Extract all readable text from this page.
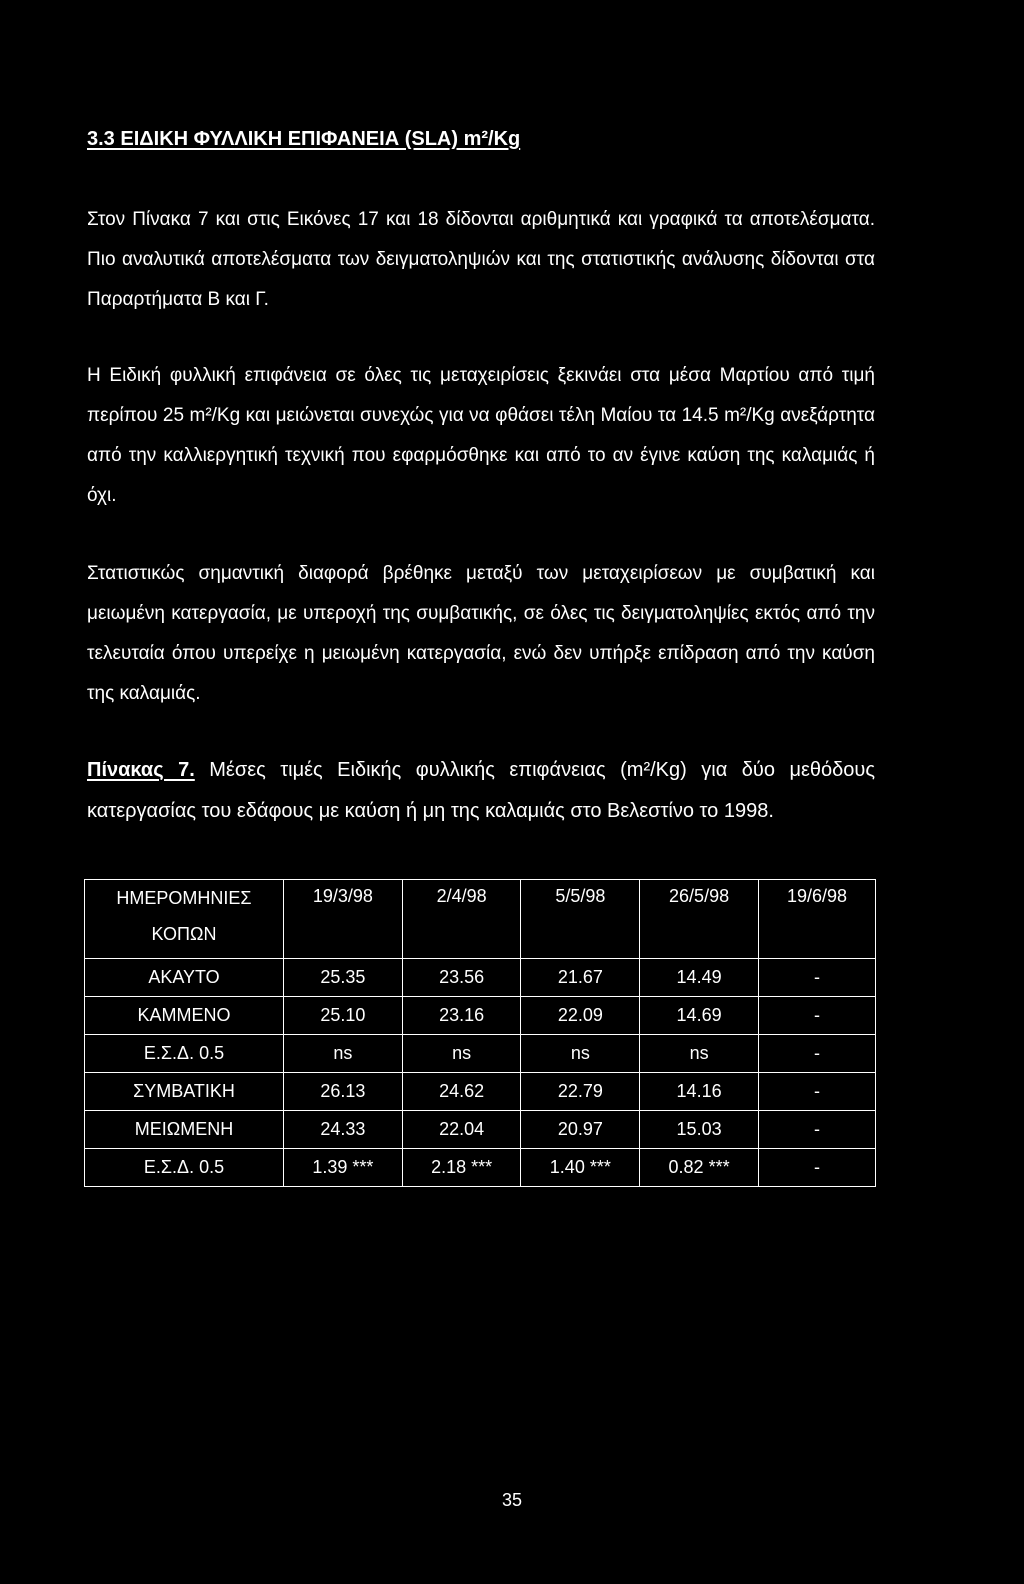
3.3 ΕΙΔΙΚΗ ΦΥΛΛΙΚΗ ΕΠΙΦΑΝΕΙΑ (SLA) m²/Kg

Στον Πίνακα 7 και στις Εικόνες 17 και 18 δίδονται αριθμητικά και γραφικά τα αποτελέσματα. Πιο αναλυτικά αποτελέσματα των δειγματοληψιών και της στατιστικής ανάλυσης δίδονται στα Παραρτήματα Β και Γ.

Η Ειδική φυλλική επιφάνεια σε όλες τις μεταχειρίσεις ξεκινάει στα μέσα Μαρτίου από τιμή περίπου 25 m²/Kg και μειώνεται συνεχώς για να φθάσει τέλη Μαίου τα 14.5 m²/Kg ανεξάρτητα από την καλλιεργητική τεχνική που εφαρμόσθηκε και από το αν έγινε καύση της καλαμιάς ή όχι.

Στατιστικώς σημαντική διαφορά βρέθηκε μεταξύ των μεταχειρίσεων με συμβατική και μειωμένη κατεργασία, με υπεροχή της συμβατικής, σε όλες τις δειγματοληψίες εκτός από την τελευταία όπου υπερείχε η μειωμένη κατεργασία, ενώ δεν υπήρξε επίδραση από την καύση της καλαμιάς.

Πίνακας 7. Μέσες τιμές Ειδικής φυλλικής επιφάνειας (m²/Kg) για δύο μεθόδους κατεργασίας του εδάφους με καύση ή μη της καλαμιάς στο Βελεστίνο το 1998.

ΗΜΕΡΟΜΗΝΙΕΣ ΚΟΠΩΝ	19/3/98	2/4/98	5/5/98	26/5/98	19/6/98
ΑΚΑΥΤΟ	25.35	23.56	21.67	14.49	-
ΚΑΜΜΕΝΟ	25.10	23.16	22.09	14.69	-
Ε.Σ.Δ. 0.5	ns	ns	ns	ns	-
ΣΥΜΒΑΤΙΚΗ	26.13	24.62	22.79	14.16	-
ΜΕΙΩΜΕΝΗ	24.33	22.04	20.97	15.03	-
Ε.Σ.Δ. 0.5	1.39 ***	2.18 ***	1.40 ***	0.82 ***	-
35
